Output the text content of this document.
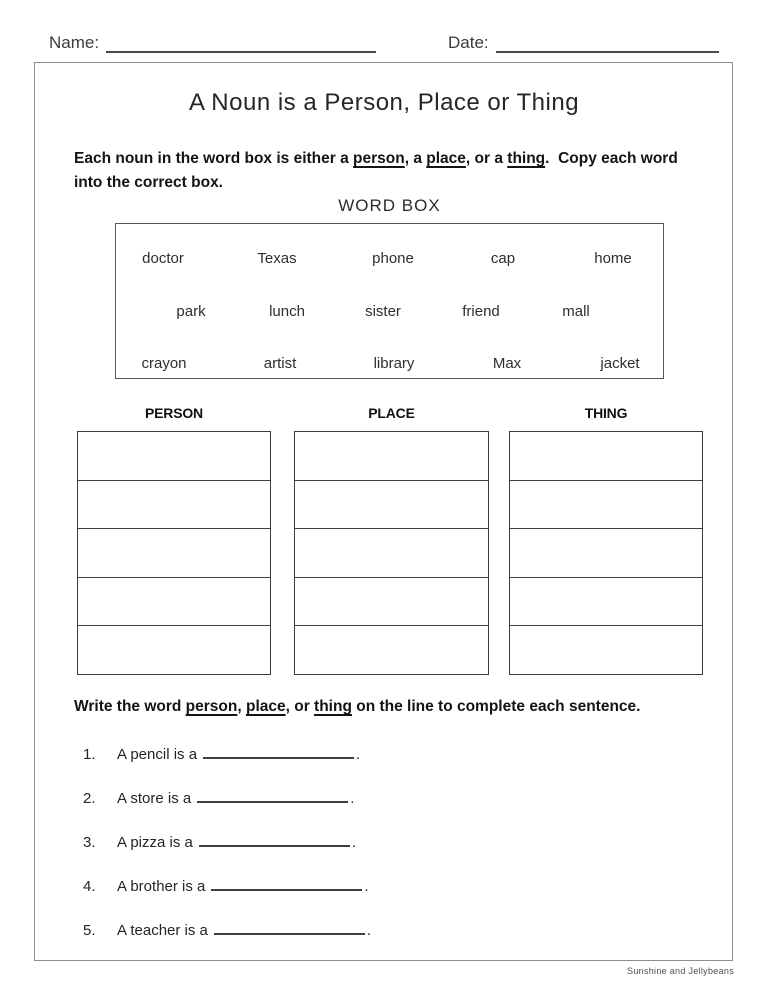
Name:	Date:
A Noun is a Person, Place or Thing
Each noun in the word box is either a person, a place, or a thing.  Copy each word into the correct box.
WORD BOX
doctor	Texas	phone	cap	home
park	lunch	sister	friend	mall
crayon	artist	library	Max	jacket
PERSON	PLACE	THING
Write the word person, place, or thing on the line to complete each sentence.
1.	A pencil is a	.
2.	A store is a	.
3.	A pizza is a	.
4.	A brother is a	.
5.	A teacher is a	.
Sunshine and Jellybeans
